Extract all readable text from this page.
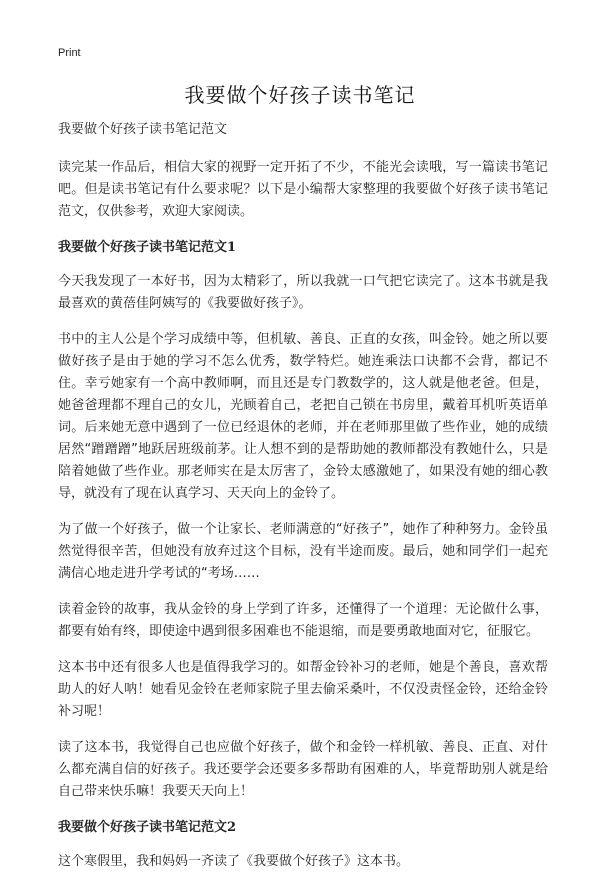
Print
我要做个好孩子读书笔记

我要做个好孩子读书笔记范文

读完某一作品后，相信大家的视野一定开拓了不少，不能光会读哦，写一篇读书笔记吧。但是读书笔记有什么要求呢？以下是小编帮大家整理的我要做个好孩子读书笔记范文，仅供参考，欢迎大家阅读。

我要做个好孩子读书笔记范文1

今天我发现了一本好书，因为太精彩了，所以我就一口气把它读完了。这本书就是我最喜欢的黄蓓佳阿姨写的《我要做好孩子》。

书中的主人公是个学习成绩中等，但机敏、善良、正直的女孩，叫金铃。她之所以要做好孩子是由于她的学习不怎么优秀，数学特烂。她连乘法口诀都不会背，都记不住。幸亏她家有一个高中教师啊，而且还是专门教数学的，这人就是他老爸。但是，她爸爸理都不理自己的女儿，光顾着自己，老把自己锁在书房里，戴着耳机听英语单词。后来她无意中遇到了一位已经退休的老师，并在老师那里做了些作业，她的成绩居然“蹭蹭蹭”地跃居班级前茅。让人想不到的是帮助她的教师都没有教她什么，只是陪着她做了些作业。那老师实在是太厉害了，金铃太感激她了，如果没有她的细心教导，就没有了现在认真学习、天天向上的金铃了。

为了做一个好孩子，做一个让家长、老师满意的“好孩子”，她作了种种努力。金铃虽然觉得很辛苦，但她没有放弃过这个目标，没有半途而废。最后，她和同学们一起充满信心地走进升学考试的“考场……

读着金铃的故事，我从金铃的身上学到了许多，还懂得了一个道理：无论做什么事，都要有始有终，即使途中遇到很多困难也不能退缩，而是要勇敢地面对它，征服它。

这本书中还有很多人也是值得我学习的。如帮金铃补习的老师，她是个善良，喜欢帮助人的好人呐！她看见金铃在老师家院子里去偷采桑叶，不仅没责怪金铃，还给金铃补习呢！

读了这本书，我觉得自己也应做个好孩子，做个和金铃一样机敏、善良、正直、对什么都充满自信的好孩子。我还要学会还要多多帮助有困难的人，毕竟帮助别人就是给自己带来快乐嘛！我要天天向上！

我要做个好孩子读书笔记范文2

这个寒假里，我和妈妈一齐读了《我要做个好孩子》这本书。
